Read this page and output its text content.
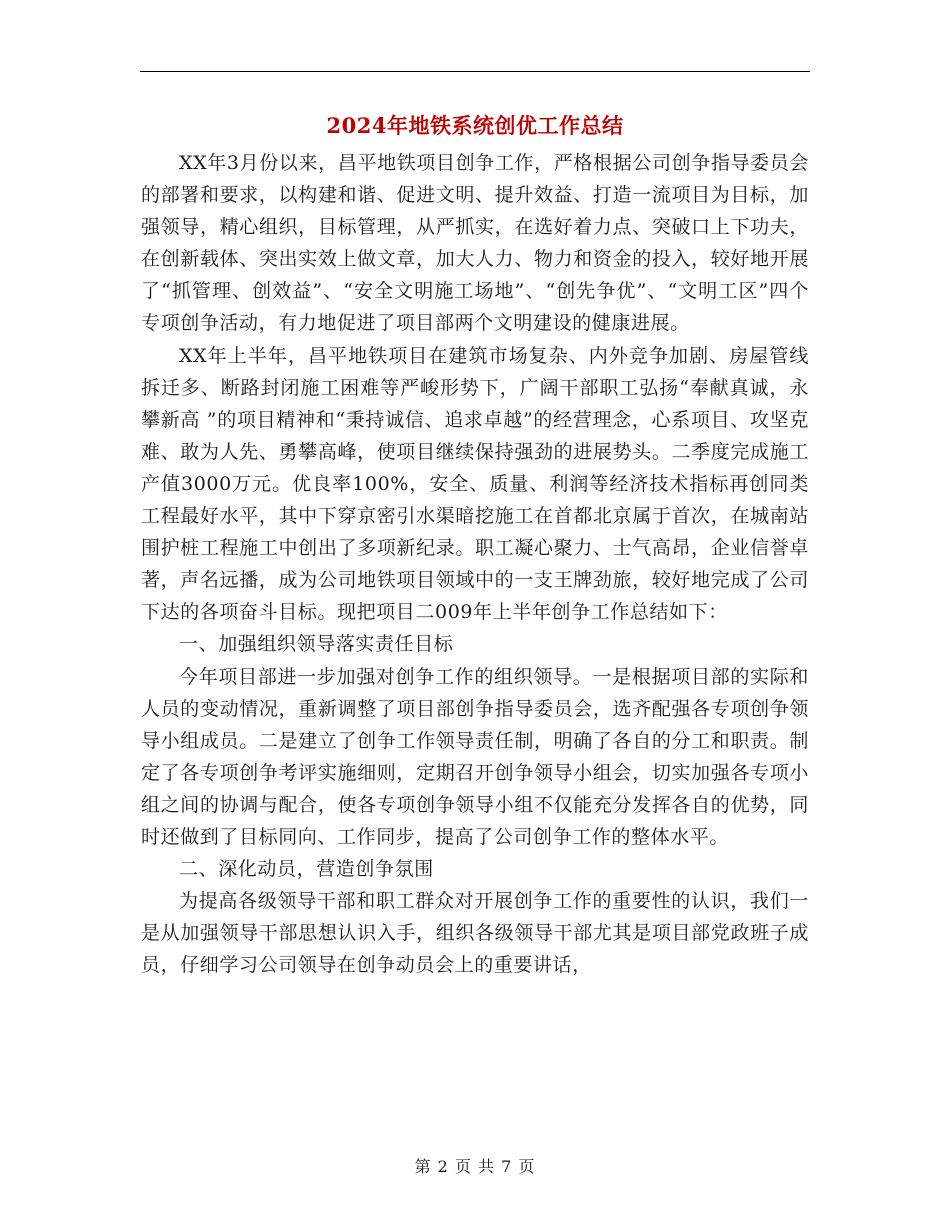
2024年地铁系统创优工作总结

XX年3月份以来，昌平地铁项目创争工作，严格根据公司创争指导委员会的部署和要求，以构建和谐、促进文明、提升效益、打造一流项目为目标，加强领导，精心组织，目标管理，从严抓实，在选好着力点、突破口上下功夫，在创新载体、突出实效上做文章，加大人力、物力和资金的投入，较好地开展了“抓管理、创效益”、“安全文明施工场地”、“创先争优”、“文明工区”四个专项创争活动，有力地促进了项目部两个文明建设的健康进展。

XX年上半年，昌平地铁项目在建筑市场复杂、内外竞争加剧、房屋管线拆迁多、断路封闭施工困难等严峻形势下，广阔干部职工弘扬“奉献真诚，永攀新高 ”的项目精神和“秉持诚信、追求卓越”的经营理念，心系项目、攻坚克难、敢为人先、勇攀高峰，使项目继续保持强劲的进展势头。二季度完成施工产值3000万元。优良率100%，安全、质量、利润等经济技术指标再创同类工程最好水平，其中下穿京密引水渠暗挖施工在首都北京属于首次，在城南站围护桩工程施工中创出了多项新纪录。职工凝心聚力、士气高昂，企业信誉卓著，声名远播，成为公司地铁项目领域中的一支王牌劲旅，较好地完成了公司下达的各项奋斗目标。现把项目二009年上半年创争工作总结如下：

一、加强组织领导落实责任目标

今年项目部进一步加强对创争工作的组织领导。一是根据项目部的实际和人员的变动情况，重新调整了项目部创争指导委员会，选齐配强各专项创争领导小组成员。二是建立了创争工作领导责任制，明确了各自的分工和职责。制定了各专项创争考评实施细则，定期召开创争领导小组会，切实加强各专项小组之间的协调与配合，使各专项创争领导小组不仅能充分发挥各自的优势，同时还做到了目标同向、工作同步，提高了公司创争工作的整体水平。

二、深化动员，营造创争氛围

为提高各级领导干部和职工群众对开展创争工作的重要性的认识，我们一是从加强领导干部思想认识入手，组织各级领导干部尤其是项目部党政班子成员，仔细学习公司领导在创争动员会上的重要讲话，

第 2 页 共 7 页
